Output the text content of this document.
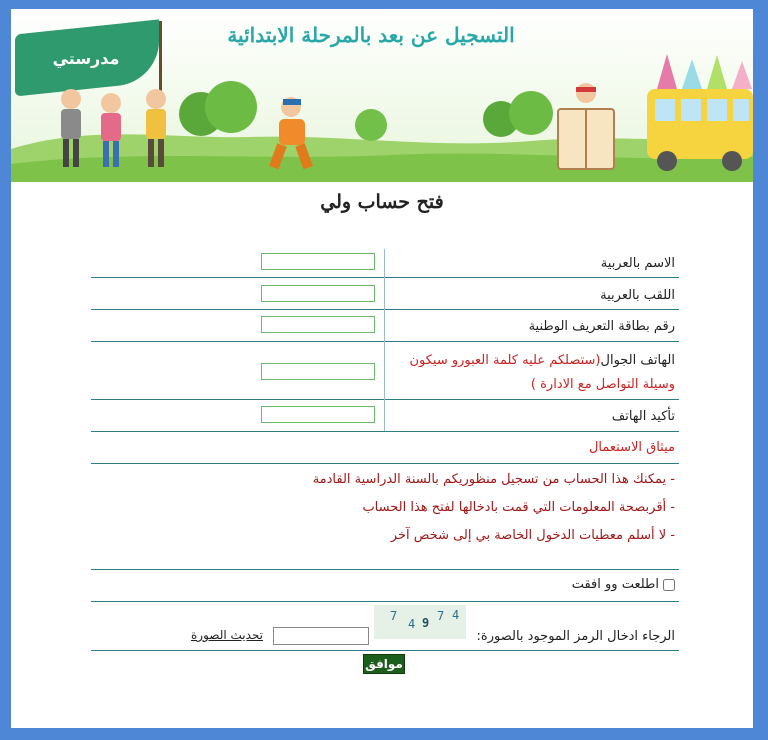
مدرستي
التسجيل عن بعد بالمرحلة الابتدائية
فتح حساب ولي
الاسم بالعربية
اللقب بالعربية
رقم بطاقة التعريف الوطنية
الهاتف الجوال(ستصلكم عليه كلمة العبورو سيكون
وسيلة التواصل مع الادارة )
تأكيد الهاتف
ميثاق الاستعمال
- يمكنك هذا الحساب من تسجيل منظوريكم بالسنة الدراسية القادمة
- أقربصحة المعلومات التي قمت بادخالها لفتح هذا الحساب
- لا أسلم معطيات الدخول الخاصة بي إلى شخص آخر
اطلعت وو افقت
الرجاء ادخال الرمز الموجود بالصورة:
7
4 9 7 4
تحديث الصورة
موافق
